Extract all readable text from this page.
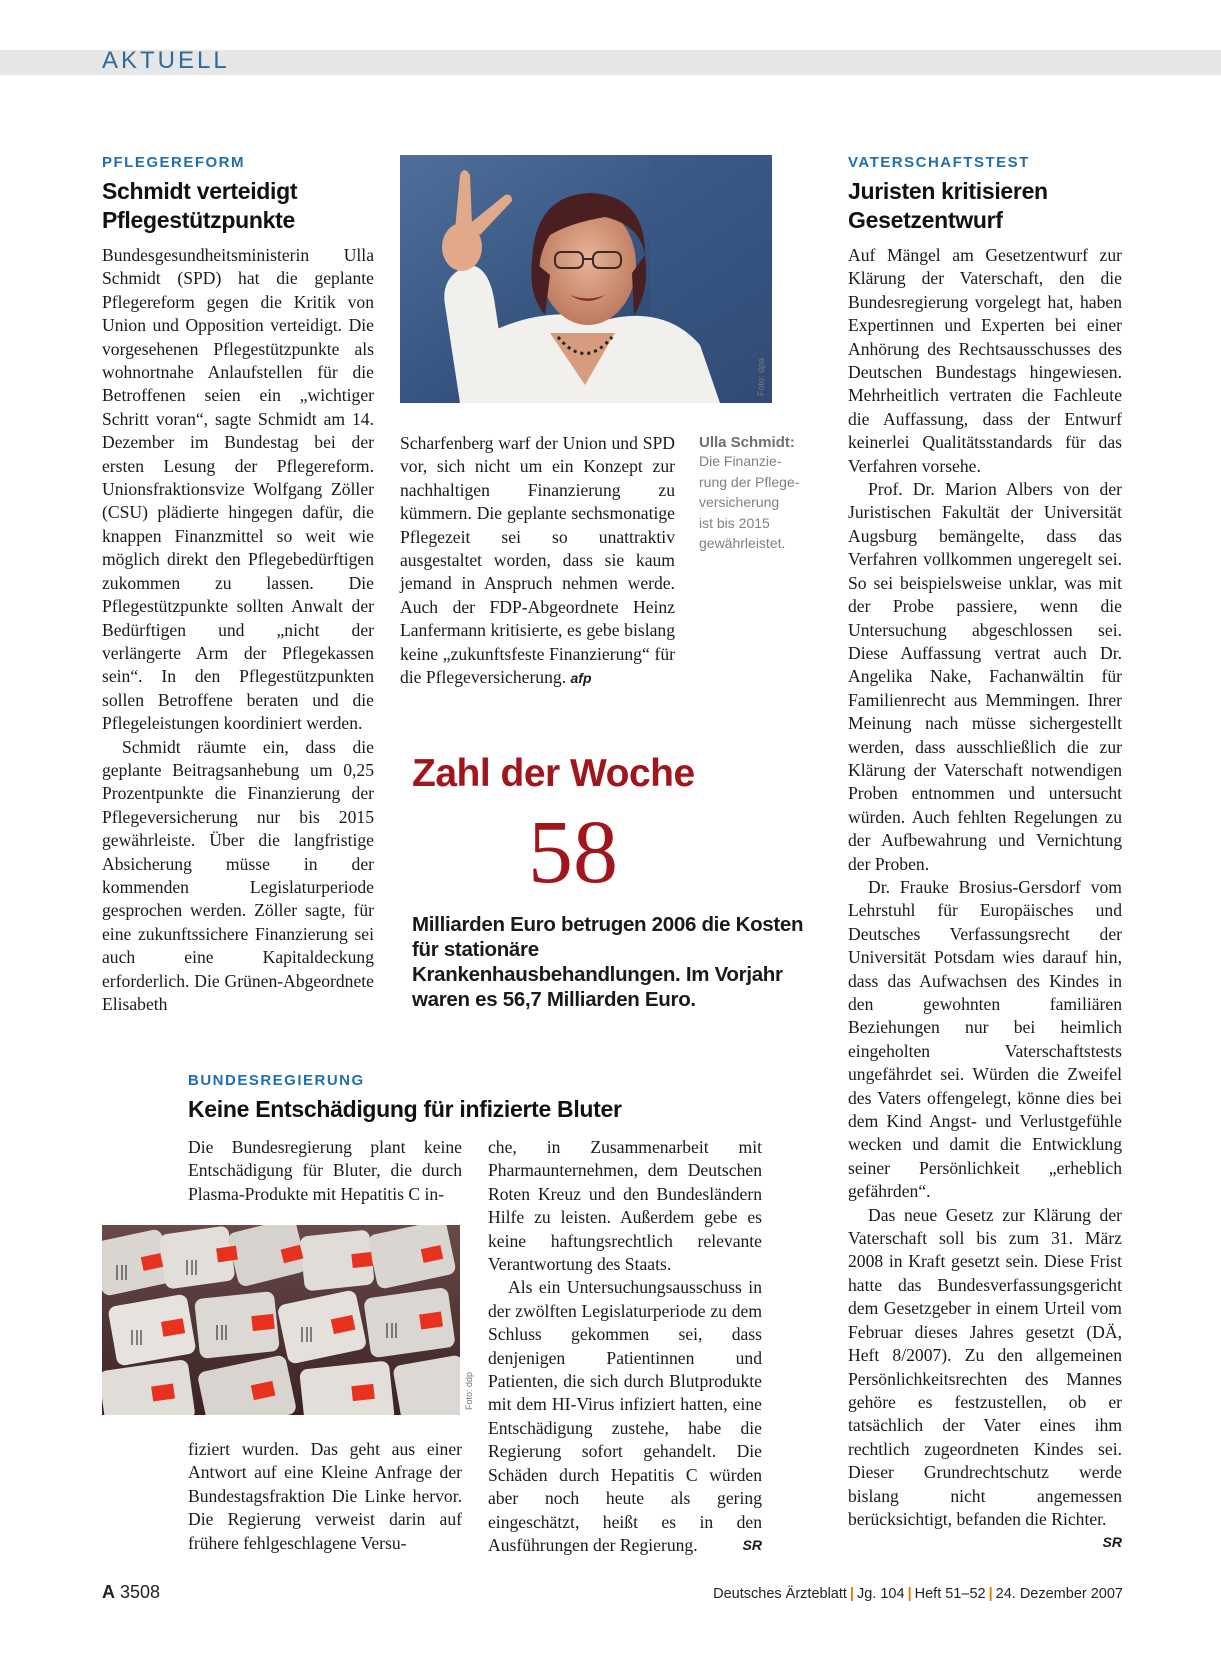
AKTUELL
PFLEGEREFORM
Schmidt verteidigt Pflegestützpunkte

Bundesgesundheitsministerin Ulla Schmidt (SPD) hat die geplante Pflegereform gegen die Kritik von Union und Opposition verteidigt. Die vorgesehenen Pflegestützpunkte als wohnortnahe Anlaufstellen für die Betroffenen seien ein „wichtiger Schritt voran“, sagte Schmidt am 14. Dezember im Bundestag bei der ersten Lesung der Pflegereform. Unionsfraktionsvize Wolfgang Zöller (CSU) plädierte hingegen dafür, die knappen Finanzmittel so weit wie möglich direkt den Pflegebedürftigen zukommen zu lassen. Die Pflegestützpunkte sollten Anwalt der Bedürftigen und „nicht der verlängerte Arm der Pflegekassen sein“. In den Pflegestützpunkten sollen Betroffene beraten und die Pflegeleistungen koordiniert werden.

Schmidt räumte ein, dass die geplante Beitragsanhebung um 0,25 Prozentpunkte die Finanzierung der Pflegeversicherung nur bis 2015 gewährleiste. Über die langfristige Absicherung müsse in der kommenden Legislaturperiode gesprochen werden. Zöller sagte, für eine zukunftssichere Finanzierung sei auch eine Kapitaldeckung erforderlich. Die Grünen-Abgeordnete Elisabeth

Foto: dpa

Scharfenberg warf der Union und SPD vor, sich nicht um ein Konzept zur nachhaltigen Finanzierung zu kümmern. Die geplante sechsmonatige Pflegezeit sei so unattraktiv ausgestaltet worden, dass sie kaum jemand in Anspruch nehmen werde. Auch der FDP-Abgeordnete Heinz Lanfermann kritisierte, es gebe bislang keine „zukunftsfeste Finanzierung“ für die Pflegeversicherung. afp

Ulla Schmidt:
Die Finanzie-
rung der Pflege-
versicherung
ist bis 2015
gewährleistet.
Zahl der Woche
58
Milliarden Euro betrugen 2006 die Kosten für stationäre Krankenhausbehandlungen. Im Vorjahr waren es 56,7 Milliarden Euro.
BUNDESREGIERUNG
Keine Entschädigung für infizierte Bluter

Die Bundesregierung plant keine Entschädigung für Bluter, die durch Plasma-Produkte mit Hepatitis C in-

Foto: ddp

fiziert wurden. Das geht aus einer Antwort auf eine Kleine Anfrage der Bundestagsfraktion Die Linke hervor. Die Regierung verweist darin auf frühere fehlgeschlagene Versu-

che, in Zusammenarbeit mit Pharmaunternehmen, dem Deutschen Roten Kreuz und den Bundesländern Hilfe zu leisten. Außerdem gebe es keine haftungsrechtlich relevante Verantwortung des Staats.

Als ein Untersuchungsausschuss in der zwölften Legislaturperiode zu dem Schluss gekommen sei, dass denjenigen Patientinnen und Patienten, die sich durch Blutprodukte mit dem HI-Virus infiziert hatten, eine Entschädigung zustehe, habe die Regierung sofort gehandelt. Die Schäden durch Hepatitis C würden aber noch heute als gering eingeschätzt, heißt es in den Ausführungen der Regierung.	SR

VATERSCHAFTSTEST
Juristen kritisieren Gesetzentwurf

Auf Mängel am Gesetzentwurf zur Klärung der Vaterschaft, den die Bundesregierung vorgelegt hat, haben Expertinnen und Experten bei einer Anhörung des Rechtsausschusses des Deutschen Bundestags hingewiesen. Mehrheitlich vertraten die Fachleute die Auffassung, dass der Entwurf keinerlei Qualitätsstandards für das Verfahren vorsehe.

Prof. Dr. Marion Albers von der Juristischen Fakultät der Universität Augsburg bemängelte, dass das Verfahren vollkommen ungeregelt sei. So sei beispielsweise unklar, was mit der Probe passiere, wenn die Untersuchung abgeschlossen sei. Diese Auffassung vertrat auch Dr. Angelika Nake, Fachanwältin für Familienrecht aus Memmingen. Ihrer Meinung nach müsse sichergestellt werden, dass ausschließlich die zur Klärung der Vaterschaft notwendigen Proben entnommen und untersucht würden. Auch fehlten Regelungen zu der Aufbewahrung und Vernichtung der Proben.

Dr. Frauke Brosius-Gersdorf vom Lehrstuhl für Europäisches und Deutsches Verfassungsrecht der Universität Potsdam wies darauf hin, dass das Aufwachsen des Kindes in den gewohnten familiären Beziehungen nur bei heimlich eingeholten Vaterschaftstests ungefährdet sei. Würden die Zweifel des Vaters offengelegt, könne dies bei dem Kind Angst- und Verlustgefühle wecken und damit die Entwicklung seiner Persönlichkeit „erheblich gefährden“.

Das neue Gesetz zur Klärung der Vaterschaft soll bis zum 31. März 2008 in Kraft gesetzt sein. Diese Frist hatte das Bundesverfassungsgericht dem Gesetzgeber in einem Urteil vom Februar dieses Jahres gesetzt (DÄ, Heft 8/2007). Zu den allgemeinen Persönlichkeitsrechten des Mannes gehöre es festzustellen, ob er tatsächlich der Vater eines ihm rechtlich zugeordneten Kindes sei. Dieser Grundrechtschutz werde bislang nicht angemessen berücksichtigt, befanden die Richter.
SR

A 3508	Deutsches Ärzteblatt | Jg. 104 | Heft 51–52 | 24. Dezember 2007
